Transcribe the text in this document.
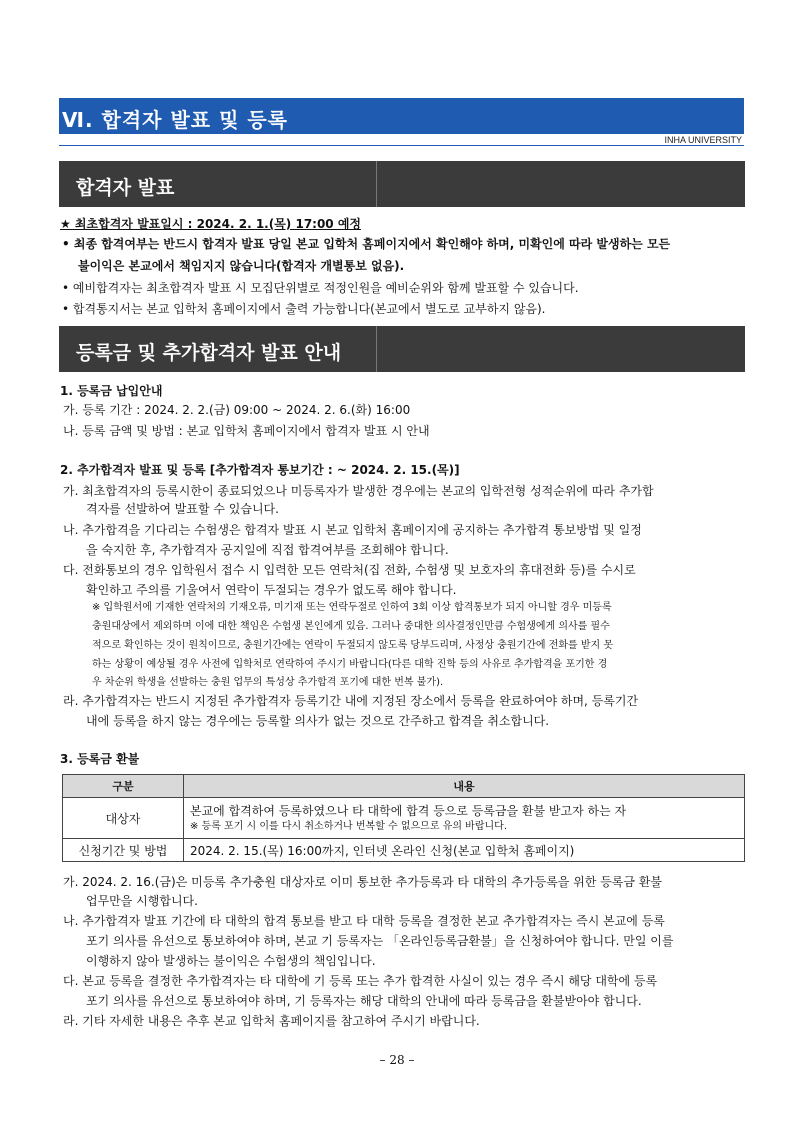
Ⅵ. 합격자 발표 및 등록
INHA UNIVERSITY
합격자 발표
★ 최초합격자 발표일시 : 2024. 2. 1.(목) 17:00 예정
• 최종 합격여부는 반드시 합격자 발표 당일 본교 입학처 홈페이지에서 확인해야 하며, 미확인에 따라 발생하는 모든
불이익은 본교에서 책임지지 않습니다(합격자 개별통보 없음).
• 예비합격자는 최초합격자 발표 시 모집단위별로 적정인원을 예비순위와 함께 발표할 수 있습니다.
• 합격통지서는 본교 입학처 홈페이지에서 출력 가능합니다(본교에서 별도로 교부하지 않음).
등록금 및 추가합격자 발표 안내
1. 등록금 납입안내
가. 등록 기간 : 2024. 2. 2.(금) 09:00 ~ 2024. 2. 6.(화) 16:00
나. 등록 금액 및 방법 : 본교 입학처 홈페이지에서 합격자 발표 시 안내
2. 추가합격자 발표 및 등록 [추가합격자 통보기간 : ~ 2024. 2. 15.(목)]
가. 최초합격자의 등록시한이 종료되었으나 미등록자가 발생한 경우에는 본교의 입학전형 성적순위에 따라 추가합
격자를 선발하여 발표할 수 있습니다.
나. 추가합격을 기다리는 수험생은 합격자 발표 시 본교 입학처 홈페이지에 공지하는 추가합격 통보방법 및 일정
을 숙지한 후, 추가합격자 공지일에 직접 합격여부를 조회해야 합니다.
다. 전화통보의 경우 입학원서 접수 시 입력한 모든 연락처(집 전화, 수험생 및 보호자의 휴대전화 등)를 수시로
확인하고 주의를 기울여서 연락이 두절되는 경우가 없도록 해야 합니다.
※ 입학원서에 기재한 연락처의 기재오류, 미기재 또는 연락두절로 인하여 3회 이상 합격통보가 되지 아니할 경우 미등록
충원대상에서 제외하며 이에 대한 책임은 수험생 본인에게 있음. 그러나 중대한 의사결정인만큼 수험생에게 의사를 필수
적으로 확인하는 것이 원칙이므로, 충원기간에는 연락이 두절되지 않도록 당부드리며, 사정상 충원기간에 전화를 받지 못
하는 상황이 예상될 경우 사전에 입학처로 연락하여 주시기 바랍니다(다른 대학 진학 등의 사유로 추가합격을 포기한 경
우 차순위 학생을 선발하는 충원 업무의 특성상 추가합격 포기에 대한 번복 불가).
라. 추가합격자는 반드시 지정된 추가합격자 등록기간 내에 지정된 장소에서 등록을 완료하여야 하며, 등록기간
내에 등록을 하지 않는 경우에는 등록할 의사가 없는 것으로 간주하고 합격을 취소합니다.
3. 등록금 환불
구분	내용
대상자	본교에 합격하여 등록하였으나 타 대학에 합격 등으로 등록금을 환불 받고자 하는 자
※ 등록 포기 시 이를 다시 취소하거나 번복할 수 없으므로 유의 바랍니다.

신청기간 및 방법	2024. 2. 15.(목) 16:00까지, 인터넷 온라인 신청(본교 입학처 홈페이지)
가. 2024. 2. 16.(금)은 미등록 추가충원 대상자로 이미 통보한 추가등록과 타 대학의 추가등록을 위한 등록금 환불
업무만을 시행합니다.
나. 추가합격자 발표 기간에 타 대학의 합격 통보를 받고 타 대학 등록을 결정한 본교 추가합격자는 즉시 본교에 등록
포기 의사를 유선으로 통보하여야 하며, 본교 기 등록자는 「온라인등록금환불」을 신청하여야 합니다. 만일 이를
이행하지 않아 발생하는 불이익은 수험생의 책임입니다.
다. 본교 등록을 결정한 추가합격자는 타 대학에 기 등록 또는 추가 합격한 사실이 있는 경우 즉시 해당 대학에 등록
포기 의사를 유선으로 통보하여야 하며, 기 등록자는 해당 대학의 안내에 따라 등록금을 환불받아야 합니다.
라. 기타 자세한 내용은 추후 본교 입학처 홈페이지를 참고하여 주시기 바랍니다.
– 28 –
